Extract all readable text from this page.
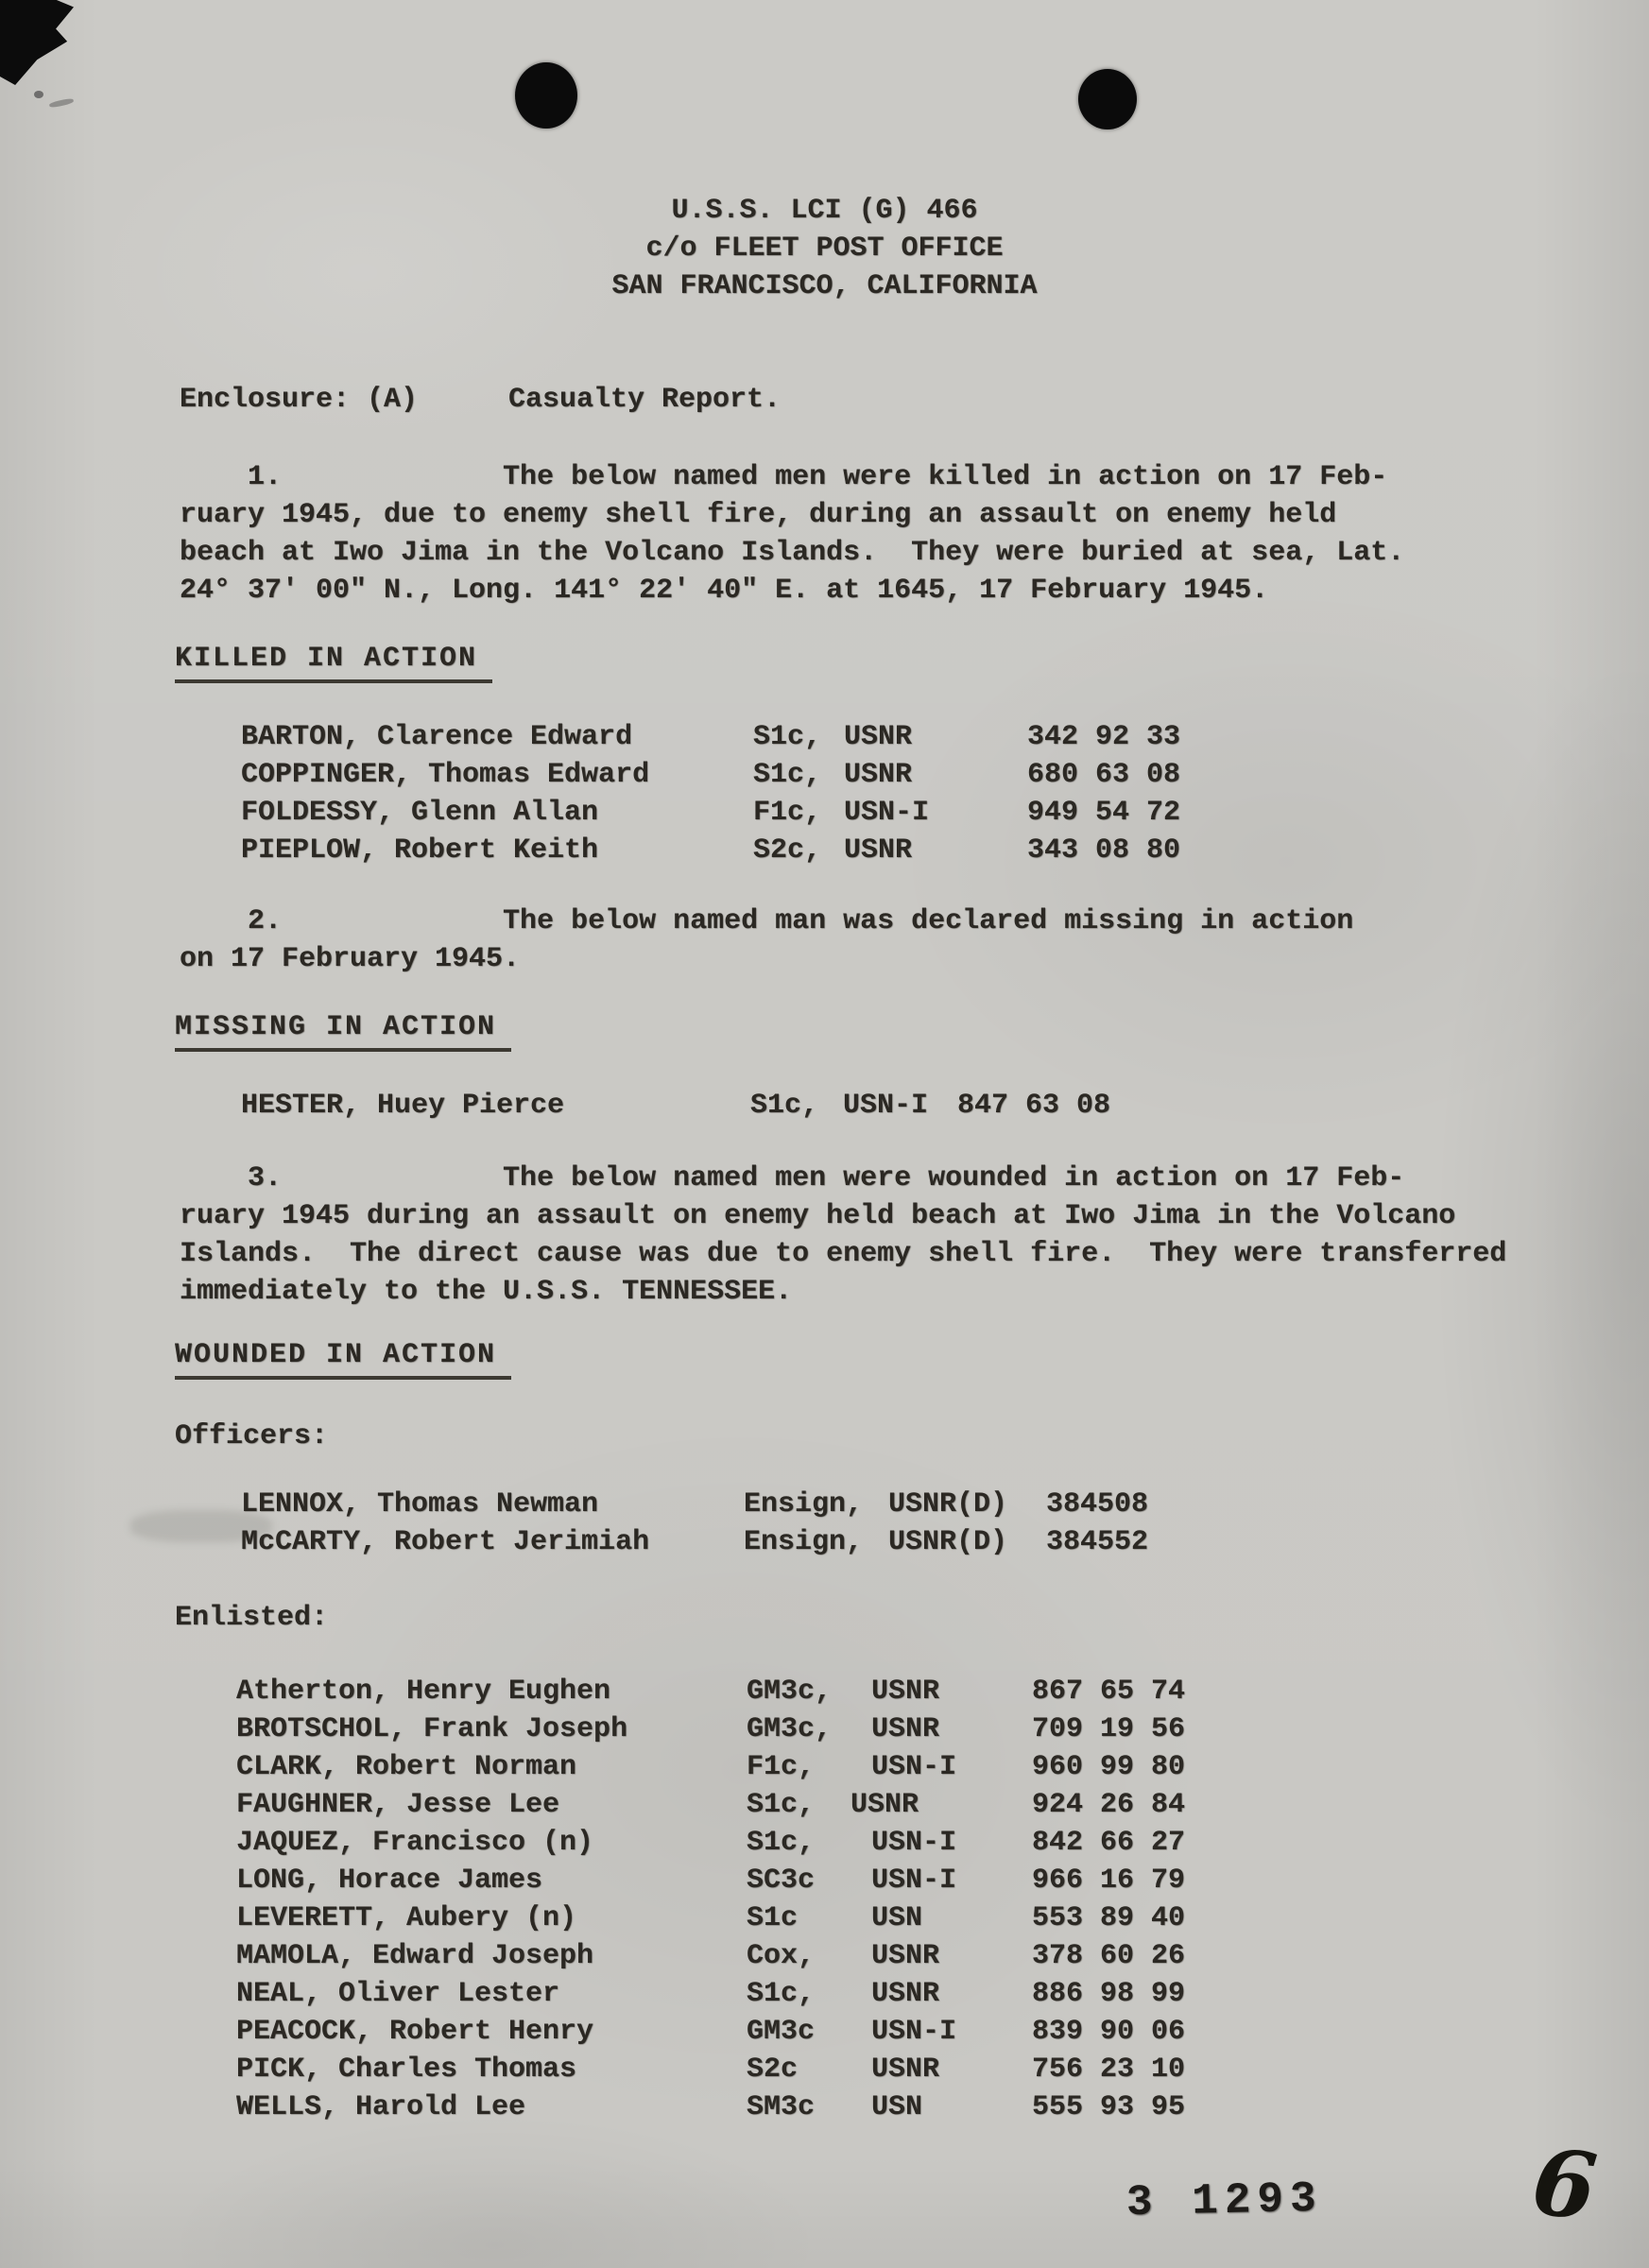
U.S.S. LCI (G) 466
c/o FLEET POST OFFICE
SAN FRANCISCO, CALIFORNIA
Enclosure: (A)	Casualty Report.
1.             The below named men were killed in action on 17 Feb-
ruary 1945, due to enemy shell fire, during an assault on enemy held
beach at Iwo Jima in the Volcano Islands.  They were buried at sea, Lat.
24° 37' 00" N., Long. 141° 22' 40" E. at 1645, 17 February 1945.
KILLED IN ACTION
BARTON, Clarence Edward	S1c, USNR	342 92 33
COPPINGER, Thomas Edward	S1c, USNR	680 63 08
FOLDESSY, Glenn Allan	F1c, USN-I	949 54 72
PIEPLOW, Robert Keith	S2c, USNR	343 08 80
2.             The below named man was declared missing in action
on 17 February 1945.
MISSING IN ACTION
HESTER, Huey Pierce	S1c, USN-I 847 63 08
3.             The below named men were wounded in action on 17 Feb-
ruary 1945 during an assault on enemy held beach at Iwo Jima in the Volcano
Islands.  The direct cause was due to enemy shell fire.  They were transferred
immediately to the U.S.S. TENNESSEE.
WOUNDED IN ACTION
Officers:
LENNOX, Thomas Newman	Ensign, USNR(D) 384508
McCARTY, Robert Jerimiah	Ensign, USNR(D) 384552
Enlisted:
Atherton, Henry Eughen	GM3c, USNR	867 65 74
BROTSCHOL, Frank Joseph	GM3c, USNR	709 19 56
CLARK, Robert Norman	F1c, USN-I	960 99 80
FAUGHNER, Jesse Lee	S1c, USNR	924 26 84
JAQUEZ, Francisco (n)	S1c, USN-I	842 66 27
LONG, Horace James	SC3c USN-I	966 16 79
LEVERETT, Aubery (n)	S1c	USN	553 89 40
MAMOLA, Edward Joseph	Cox, USNR	378 60 26
NEAL, Oliver Lester	S1c, USNR	886 98 99
PEACOCK, Robert Henry	GM3c USN-I	839 90 06
PICK, Charles Thomas	S2c	USNR	756 23 10
WELLS, Harold Lee	SM3c USN	555 93 95
3 1293 6
